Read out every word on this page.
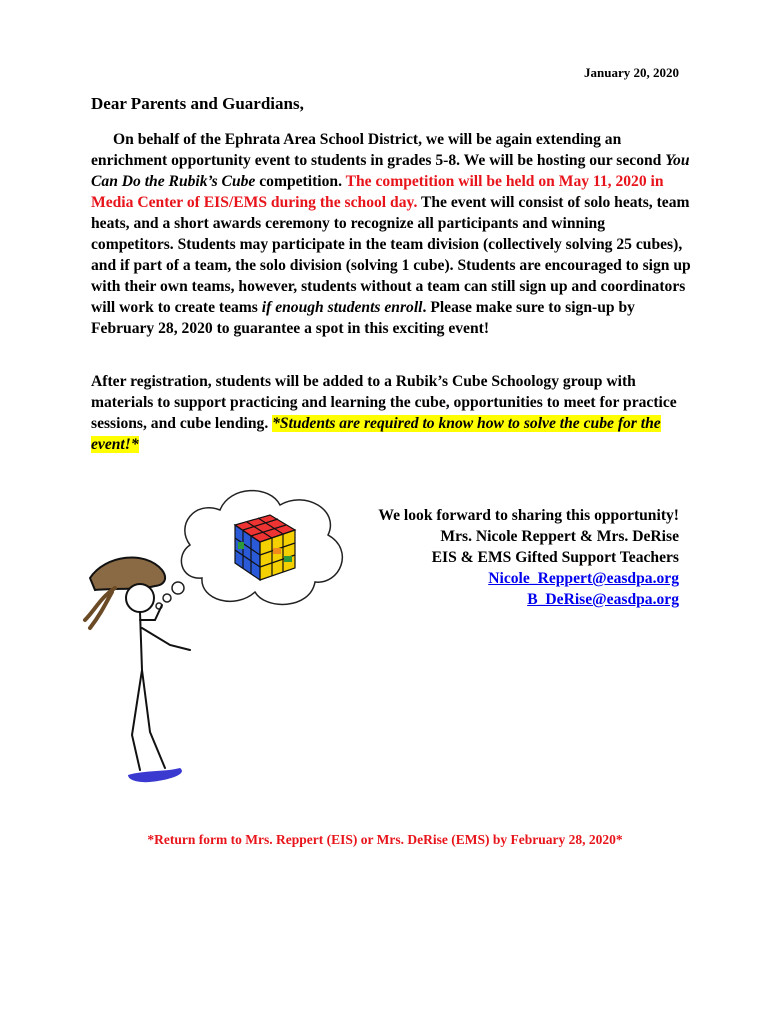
January 20, 2020
Dear Parents and Guardians,

On behalf of the Ephrata Area School District, we will be again extending an enrichment opportunity event to students in grades 5-8. We will be hosting our second You Can Do the Rubik’s Cube competition. The competition will be held on May 11, 2020 in Media Center of EIS/EMS during the school day. The event will consist of solo heats, team heats, and a short awards ceremony to recognize all participants and winning competitors. Students may participate in the team division (collectively solving 25 cubes), and if part of a team, the solo division (solving 1 cube). Students are encouraged to sign up with their own teams, however, students without a team can still sign up and coordinators will work to create teams if enough students enroll. Please make sure to sign-up by February 28, 2020 to guarantee a spot in this exciting event!

After registration, students will be added to a Rubik’s Cube Schoology group with materials to support practicing and learning the cube, opportunities to meet for practice sessions, and cube lending. *Students are required to know how to solve the cube for the event!*

We look forward to sharing this opportunity!
Mrs. Nicole Reppert & Mrs. DeRise
EIS & EMS Gifted Support Teachers
Nicole_Reppert@easdpa.org
B_DeRise@easdpa.org
*Return form to Mrs. Reppert (EIS) or Mrs. DeRise (EMS) by February 28, 2020*
